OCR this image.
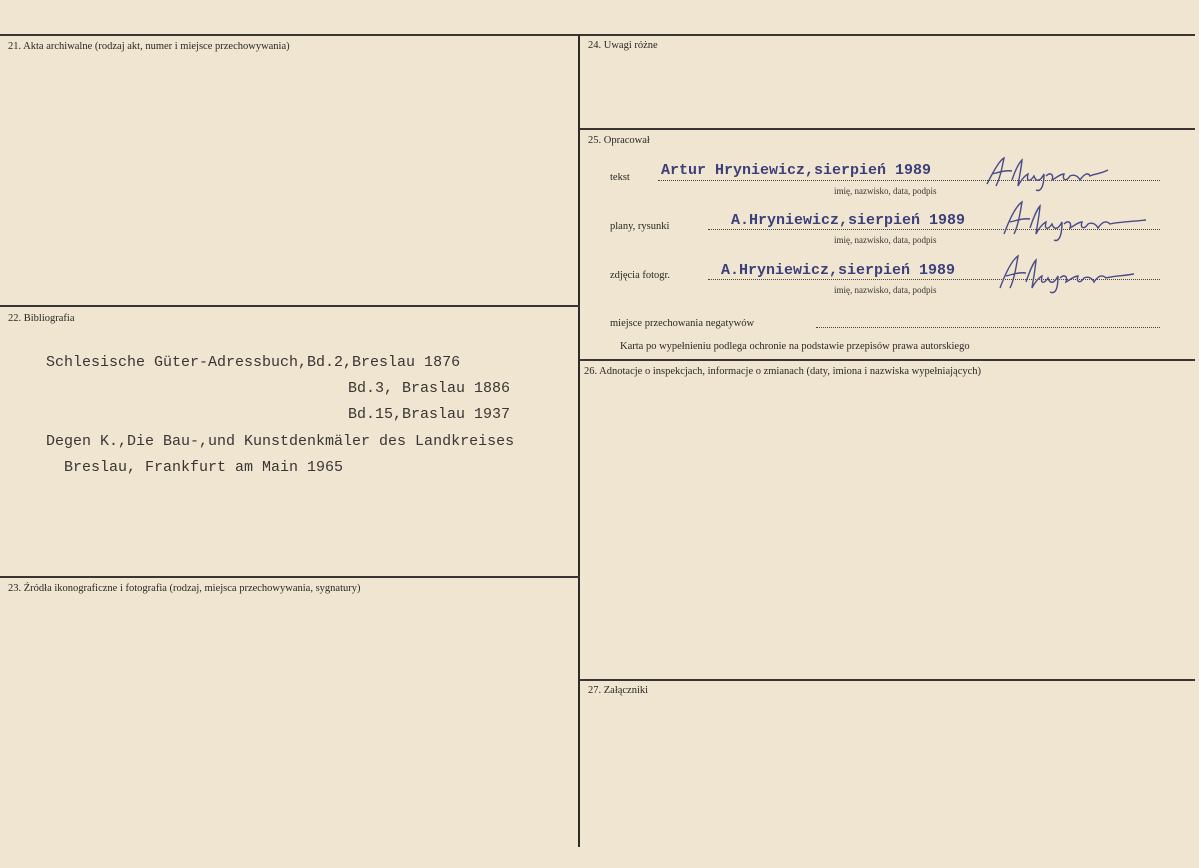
21. Akta archiwalne (rodzaj akt, numer i miejsce przechowywania)
22. Bibliografia
Schlesische Güter-Adressbuch,Bd.2,Breslau 1876
Bd.3, Braslau 1886
Bd.15,Braslau 1937
Degen K.,Die Bau-,und Kunstdenkmäler des Landkreises
Breslau, Frankfurt am Main 1965
23. Źródła ikonograficzne i fotografia (rodzaj, miejsca przechowywania, sygnatury)
24. Uwagi różne
25. Opracował
tekst Artur Hryniewicz,sierpień 1989
imię, nazwisko, data, podpis
plany, rysunki	A.Hryniewicz,sierpień 1989
imię, nazwisko, data, podpis
zdjęcia fotogr.	A.Hryniewicz,sierpień 1989
imię, nazwisko, data, podpis
miejsce przechowania negatywów
Karta po wypełnieniu podlega ochronie na podstawie przepisów prawa autorskiego
26. Adnotacje o inspekcjach, informacje o zmianach (daty, imiona i nazwiska wypełniających)
27. Załączniki
